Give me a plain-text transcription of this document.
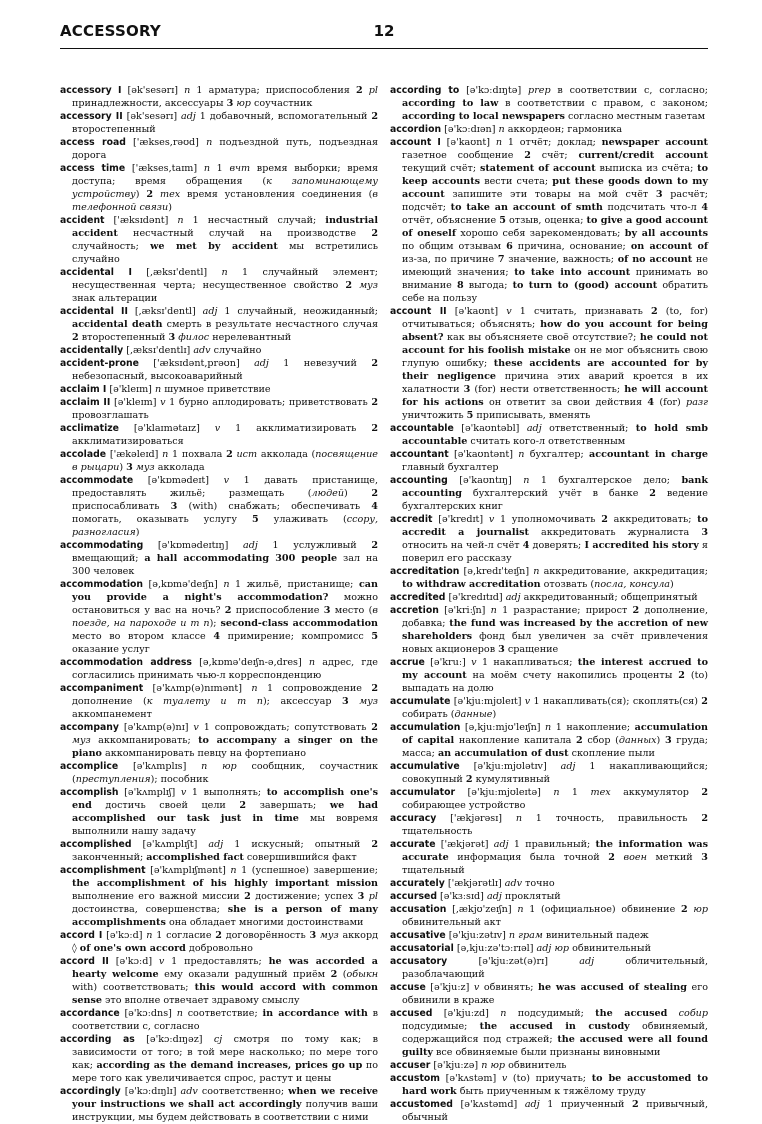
ACCESSORY	12

accessory I [ək'sesərɪ] n 1 арматура; приспособления 2 pl принадлежности, аксессуары 3 юр соучастник

accessory II [ək'sesərɪ] adj 1 добавочный, вспомогательный 2 второстепенный

access road ['ækses,rəʊd] n подъездной путь, подъездная дорога

access time ['ækses,taɪm] n 1 вчт время выборки; время доступа; время обращения (к запоминающему устройству) 2 тех время установления соединения (в телефонной связи)

accident ['æksɪdənt] n 1 несчастный случай; industrial accident несчастный случай на производстве 2 случайность; we met by accident мы встретились случайно

accidental I [,æksɪ'dentl] n 1 случайный элемент; несущественная черта; несущественное свойство 2 муз знак альтерации

accidental II [,æksɪ'dentl] adj 1 случайный, неожиданный; accidental death смерть в результате несчастного случая 2 второстепенный 3 филос нерелевантный

accidentally [,æksɪ'dentlɪ] adv случайно

accident-prone ['æksɪdənt,prəʊn] adj 1 невезучий 2 небезопасный, высокоаварийный

acclaim I [ə'kleɪm] n шумное приветствие

acclaim II [ə'kleɪm] v 1 бурно аплодировать; приветствовать 2 провозглашать

acclimatize [ə'klaɪmətaɪz] v 1 акклиматизировать 2 акклиматизироваться

accolade ['ækəleɪd] n 1 похвала 2 ист акколада (посвящение в рыцари) 3 муз акколада

accommodate [ə'kɒmədeɪt] v 1 давать пристанище, предоставлять жильё; размещать (людей) 2 приспосабливать 3 (with) снабжать; обеспечивать 4 помогать, оказывать услугу 5 улаживать (ссору, разногласия)

accommodating [ə'kɒmədeɪtɪŋ] adj 1 услужливый 2 вмещающий; a hall accommodating 300 people зал на 300 человек

accommodation [ə,kɒmə'deɪʃn] n 1 жильё, пристанище; can you provide a night's accommodation? можно остановиться у вас на ночь? 2 приспособление 3 место (в поезде, на пароходе и т п); second-class accommodation место во втором классе 4 примирение; компромисс 5 оказание услуг

accommodation address [ə,kɒmə'deɪʃn-ə,dres] n адрес, где согласились принимать чью-л корреспонденцию

accompaniment [ə'kʌmp(ə)nɪmənt] n 1 сопровождение 2 дополнение (к туалету и т п); аксессуар 3 муз аккомпанемент

accompany [ə'kʌmp(ə)nɪ] v 1 сопровождать; сопутствовать 2 муз аккомпанировать; to accompany a singer on the piano аккомпанировать певцу на фортепиано

accomplice [ə'kʌmplɪs] n юр сообщник, соучастник (преступления); пособник

accomplish [ə'kʌmplɪʃ] v 1 выполнять; to accomplish one's end достичь своей цели 2 завершать; we had accomplished our task just in time мы вовремя выполнили нашу задачу

accomplished [ə'kʌmplɪʃt] adj 1 искусный; опытный 2 законченный; accomplished fact совершившийся факт

accomplishment [ə'kʌmplɪʃmənt] n 1 (успешное) завершение; the accomplishment of his highly important mission выполнение его важной миссии 2 достижение; успех 3 pl достоинства, совершенства; she is a person of many accomplishments она обладает многими достоинствами

accord I [ə'kɔːd] n 1 согласие 2 договорённость 3 муз аккорд ◊ of one's own accord добровольно

accord II [ə'kɔːd] v 1 предоставлять; he was accorded a hearty welcome ему оказали радушный приём 2 (обыкн with) соответствовать; this would accord with common sense это вполне отвечает здравому смыслу

accordance [ə'kɔːdns] n соответствие; in accordance with в соответствии с, согласно

according as [ə'kɔːdɪŋəz] cj смотря по тому как; в зависимости от того; в той мере насколько; по мере того как; according as the demand increases, prices go up по мере того как увеличивается спрос, растут и цены

accordingly [ə'kɔːdɪŋlɪ] adv соответственно; when we receive your instructions we shall act accordingly получив ваши инструкции, мы будем действовать в соответствии с ними

according to [ə'kɔːdɪŋtə] prep в соответствии с, согласно; according to law в соответствии с правом, с законом; according to local newspapers согласно местным газетам

accordion [ə'kɔːdɪən] n аккордеон; гармоника

account I [ə'kaʊnt] n 1 отчёт; доклад; newspaper account газетное сообщение 2 счёт; current/credit account текущий счёт; statement of account выписка из счёта; to keep accounts вести счета; put these goods down to my account запишите эти товары на мой счёт 3 расчёт; подсчёт; to take an account of smth подсчитать что-л 4 отчёт, объяснение 5 отзыв, оценка; to give a good account of oneself хорошо себя зарекомендовать; by all accounts по общим отзывам 6 причина, основание; on account of из-за, по причине 7 значение, важность; of no account не имеющий значения; to take into account принимать во внимание 8 выгода; to turn to (good) account обратить себе на пользу

account II [ə'kaʊnt] v 1 считать, признавать 2 (to, for) отчитываться; объяснять; how do you account for being absent? как вы объясняете своё отсутствие?; he could not account for his foolish mistake он не мог объяснить свою глупую ошибку; these accidents are accounted for by their negligence причина этих аварий кроется в их халатности 3 (for) нести ответственность; he will account for his actions он ответит за свои действия 4 (for) разг уничтожить 5 приписывать, вменять

accountable [ə'kaʊntəbl] adj ответственный; to hold smb accountable считать кого-л ответственным

accountant [ə'kaʊntənt] n бухгалтер; accountant in charge главный бухгалтер

accounting [ə'kaʊntɪŋ] n 1 бухгалтерское дело; bank accounting бухгалтерский учёт в банке 2 ведение бухгалтерских книг

accredit [ə'kredɪt] v 1 уполномочивать 2 аккредитовать; to accredit a journalist аккредитовать журналиста 3 относить на чей-л счёт 4 доверять; I accredited his story я поверил его рассказу

accreditation [ə,kredɪ'teɪʃn] n аккредитование, аккредитация; to withdraw accreditation отозвать (посла, консула)

accredited [ə'kredɪtɪd] adj аккредитованный; общепринятый

accretion [ə'kriːʃn] n 1 разрастание; прирост 2 дополнение, добавка; the fund was increased by the accretion of new shareholders фонд был увеличен за счёт привлечения новых акционеров 3 сращение

accrue [ə'kruː] v 1 накапливаться; the interest accrued to my account на моём счету накопились проценты 2 (to) выпадать на долю

accumulate [ə'kjuːmjʊleɪt] v 1 накапливать(ся); скоплять(ся) 2 собирать (данные)

accumulation [ə,kjuːmjʊ'leɪʃn] n 1 накопление; accumulation of capital накопление капитала 2 сбор (данных) 3 груда; масса; an accumulation of dust скопление пыли

accumulative [ə'kjuːmjʊlətɪv] adj 1 накапливающийся; совокупный 2 кумулятивный

accumulator [ə'kjuːmjʊleɪtə] n 1 тех аккумулятор 2 собирающее устройство

accuracy ['ækjərəsɪ] n 1 точность, правильность 2 тщательность

accurate ['ækjərət] adj 1 правильный; the information was accurate информация была точной 2 воен меткий 3 тщательный

accurately ['ækjərətlɪ] adv точно

accursed [ə'kɜːsɪd] adj проклятый

accusation [,ækjʊ'zeɪʃn] n 1 (официальное) обвинение 2 юр обвинительный акт

accusative [ə'kjuːzətɪv] n грам винительный падеж

accusatorial [ə,kjuːzə'tɔːrɪəl] adj юр обвинительный

accusatory [ə'kjuːzət(ə)rɪ] adj обличительный, разоблачающий

accuse [ə'kjuːz] v обвинять; he was accused of stealing его обвинили в краже

accused [ə'kjuːzd] n подсудимый; the accused собир подсудимые; the accused in custody обвиняемый, содержащийся под стражей; the accused were all found guilty все обвиняемые были признаны виновными

accuser [ə'kjuːzə] n юр обвинитель

accustom [ə'kʌstəm] v (to) приучать; to be accustomed to hard work быть приученным к тяжёлому труду

accustomed [ə'kʌstəmd] adj 1 приученный 2 привычный, обычный
